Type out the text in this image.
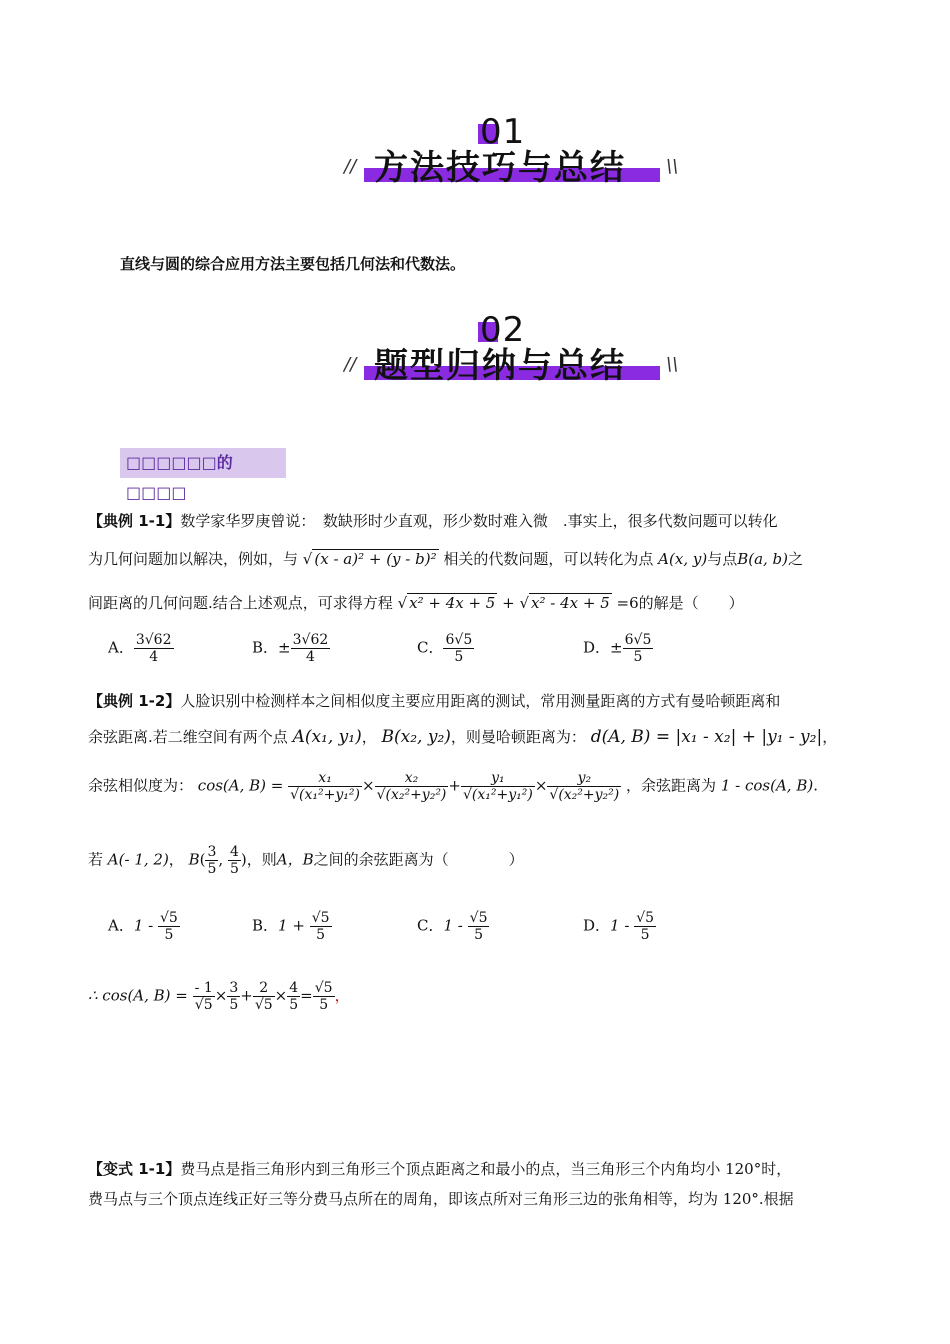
01
方法技巧与总结
//	\\
直线与圆的综合应用方法主要包括几何法和代数法。
02
题型归纳与总结
//	\\
□□□□□□的□□□□
【典例 1-1】数学家华罗庚曾说：　数缺形时少直观，形少数时难入微　.事实上，很多代数问题可以转化
为几何问题加以解决，例如，与 √ (x - a)² + (y - b)² 相关的代数问题，可以转化为点 A(x, y)与点B(a, b)之
间距离的几何问题.结合上述观点，可求得方程 √ x² + 4x + 5 + √ x² - 4x + 5 =6的解是（　　）
A． $\frac{3√62}{4}$	B．± $\frac{3√62}{4}$	C． $\frac{6√5}{5}$	D．± $\frac{6√5}{5}$
【典例 1-2】人脸识别中检测样本之间相似度主要应用距离的测试，常用测量距离的方式有曼哈顿距离和
余弦距离.若二维空间有两个点 A(x₁, y₁)， B(x₂, y₂)，则曼哈顿距离为： d(A, B) = |x₁ - x₂| + |y₁ - y₂|，
余弦相似度为： cos(A, $B) = \frac{\text{x₁}}{\text{√(x₁²+y₁²)}} \times \frac{\text{x₂}}{\text{√(x₂²+y₂²)}} + \frac{\text{y₁}}{\text{√(x₁²+y₁²)}} \times \frac{\text{y₂}}{\text{√(x₂²+y₂²)}}$ ，余弦距离为 1 - cos(A, B).
若 A(- 1, 2)， $B( \frac{3}{5}$ , $\frac{4}{5}$ )，则A，B之间的余弦距离为（　　　　）
A．$1 - \frac{√5}{5}$	B．$1 + \frac{√5}{5}$	C．$1 - \frac{√5}{5}$	D．$1 - \frac{√5}{5}$
∴ cos(A, $B) = \frac{- 1}{√5} \times \frac{3}{5} + \frac{2}{√5} \times \frac{4}{5} = \frac{√5}{5}$ ，
【变式 1-1】费马点是指三角形内到三角形三个顶点距离之和最小的点，当三角形三个内角均小 120°时，
费马点与三个顶点连线正好三等分费马点所在的周角，即该点所对三角形三边的张角相等，均为 120°.根据
